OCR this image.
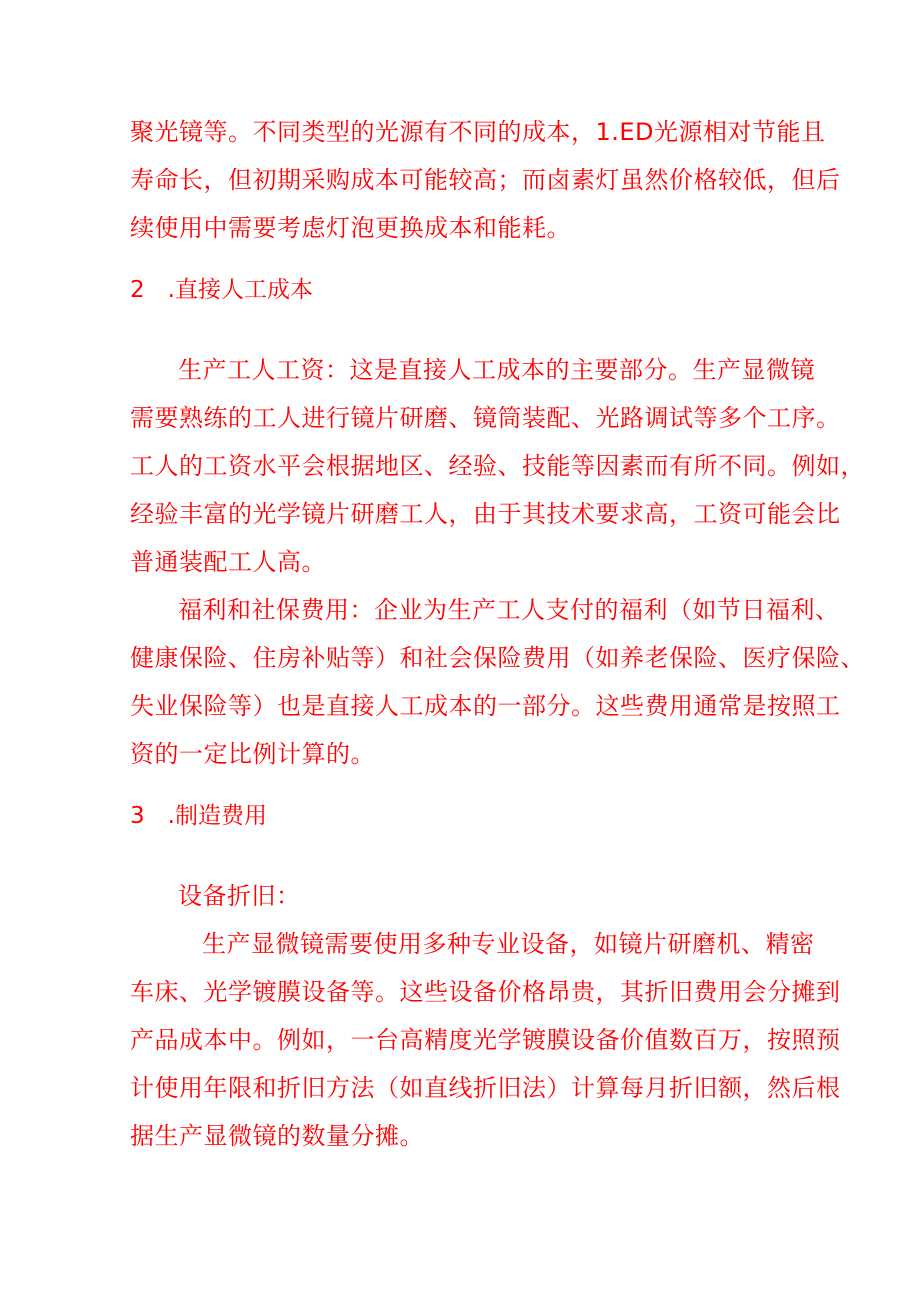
聚光镜等。不同类型的光源有不同的成本，1.ED光源相对节能且
寿命长，但初期采购成本可能较高；而卤素灯虽然价格较低，但后
续使用中需要考虑灯泡更换成本和能耗。
2 .直接人工成本
生产工人工资：这是直接人工成本的主要部分。生产显微镜
需要熟练的工人进行镜片研磨、镜筒装配、光路调试等多个工序。
工人的工资水平会根据地区、经验、技能等因素而有所不同。例如，
经验丰富的光学镜片研磨工人，由于其技术要求高，工资可能会比
普通装配工人高。
福利和社保费用：企业为生产工人支付的福利（如节日福利、
健康保险、住房补贴等）和社会保险费用（如养老保险、医疗保险、
失业保险等）也是直接人工成本的一部分。这些费用通常是按照工
资的一定比例计算的。
3 .制造费用
设备折旧：
生产显微镜需要使用多种专业设备，如镜片研磨机、精密
车床、光学镀膜设备等。这些设备价格昂贵，其折旧费用会分摊到
产品成本中。例如，一台高精度光学镀膜设备价值数百万，按照预
计使用年限和折旧方法（如直线折旧法）计算每月折旧额，然后根
据生产显微镜的数量分摊。
